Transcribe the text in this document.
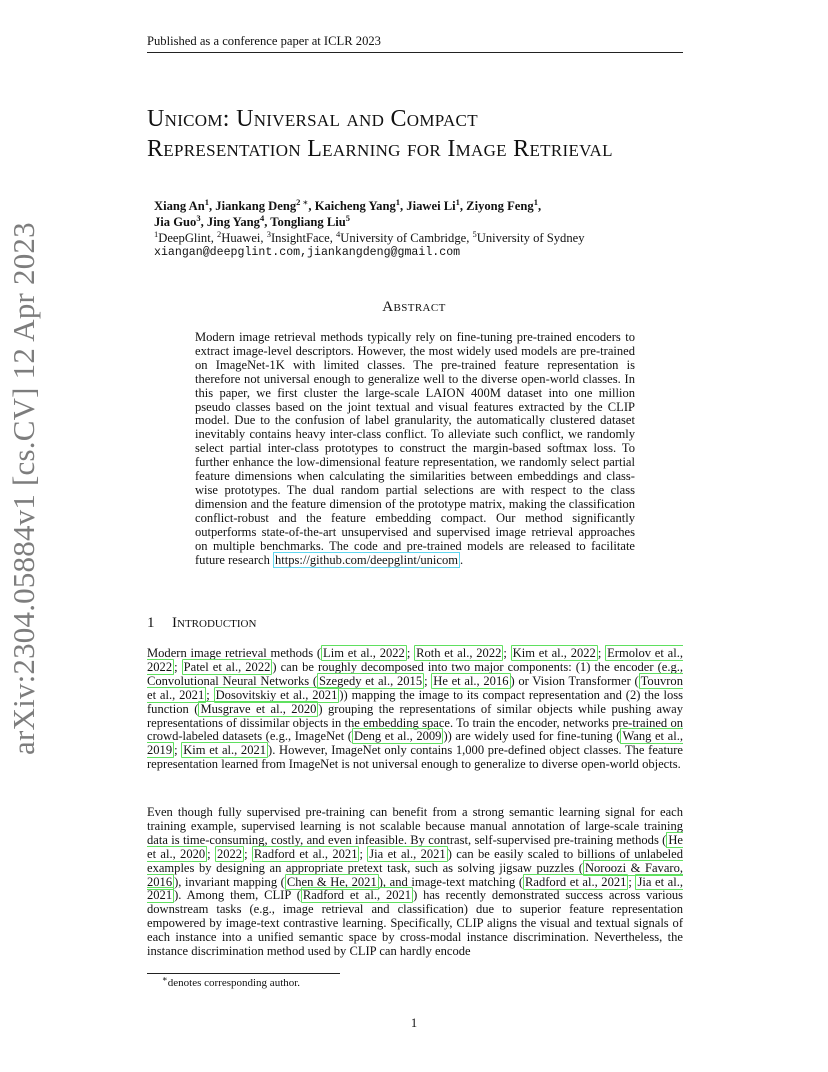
Published as a conference paper at ICLR 2023
arXiv:2304.05884v1 [cs.CV] 12 Apr 2023
Unicom: Universal and Compact
Representation Learning for Image Retrieval
Xiang An$^1$, Jiankang Deng$^{2 ∗}$, Kaicheng Yang$^1$, Jiawei Li$^1$, Ziyong Feng$^1$,
Jia Guo$^3$, Jing Yang$^4$, Tongliang Liu$^5$
$^1$DeepGlint, $^2$Huawei, $^3$InsightFace, $^4$University of Cambridge, $^5$University of Sydney
xiangan@deepglint.com,jiankangdeng@gmail.com
Abstract
Modern image retrieval methods typically rely on fine-tuning pre-trained encoders to extract image-level descriptors. However, the most widely used models are pre-trained on ImageNet-1K with limited classes. The pre-trained feature representation is therefore not universal enough to generalize well to the diverse open-world classes. In this paper, we first cluster the large-scale LAION 400M dataset into one million pseudo classes based on the joint textual and visual features extracted by the CLIP model. Due to the confusion of label granularity, the automatically clustered dataset inevitably contains heavy inter-class conflict. To alleviate such conflict, we randomly select partial inter-class prototypes to construct the margin-based softmax loss. To further enhance the low-dimensional feature representation, we randomly select partial feature dimensions when calculating the similarities between embeddings and class-wise prototypes. The dual random partial selections are with respect to the class dimension and the feature dimension of the prototype matrix, making the classification conflict-robust and the feature embedding compact. Our method significantly outperforms state-of-the-art unsupervised and supervised image retrieval approaches on multiple benchmarks. The code and pre-trained models are released to facilitate future research https://github.com/deepglint/unicom .
1 Introduction
Modern image retrieval methods ( Lim et al., 2022 ; Roth et al., 2022 ; Kim et al., 2022 ; Ermolov et al., 2022 ; Patel et al., 2022 ) can be roughly decomposed into two major components: (1) the encoder (e.g., Convolutional Neural Networks ( Szegedy et al., 2015 ; He et al., 2016 ) or Vision Transformer ( Touvron et al., 2021 ; Dosovitskiy et al., 2021 )) mapping the image to its compact representation and (2) the loss function ( Musgrave et al., 2020 ) grouping the representations of similar objects while pushing away representations of dissimilar objects in the embedding space. To train the encoder, networks pre-trained on crowd-labeled datasets (e.g., ImageNet ( Deng et al., 2009 )) are widely used for fine-tuning ( Wang et al., 2019 ; Kim et al., 2021 ). However, ImageNet only contains 1,000 pre-defined object classes. The feature representation learned from ImageNet is not universal enough to generalize to diverse open-world objects.
Even though fully supervised pre-training can benefit from a strong semantic learning signal for each training example, supervised learning is not scalable because manual annotation of large-scale training data is time-consuming, costly, and even infeasible. By contrast, self-supervised pre-training methods ( He et al., 2020 ; 2022 ; Radford et al., 2021 ; Jia et al., 2021 ) can be easily scaled to billions of unlabeled examples by designing an appropriate pretext task, such as solving jigsaw puzzles ( Noroozi & Favaro, 2016 ), invariant mapping ( Chen & He, 2021 ), and image-text matching ( Radford et al., 2021 ; Jia et al., 2021 ). Among them, CLIP ( Radford et al., 2021 ) has recently demonstrated success across various downstream tasks (e.g., image retrieval and classification) due to superior feature representation empowered by image-text contrastive learning. Specifically, CLIP aligns the visual and textual signals of each instance into a unified semantic space by cross-modal instance discrimination. Nevertheless, the instance discrimination method used by CLIP can hardly encode
∗denotes corresponding author.
1
